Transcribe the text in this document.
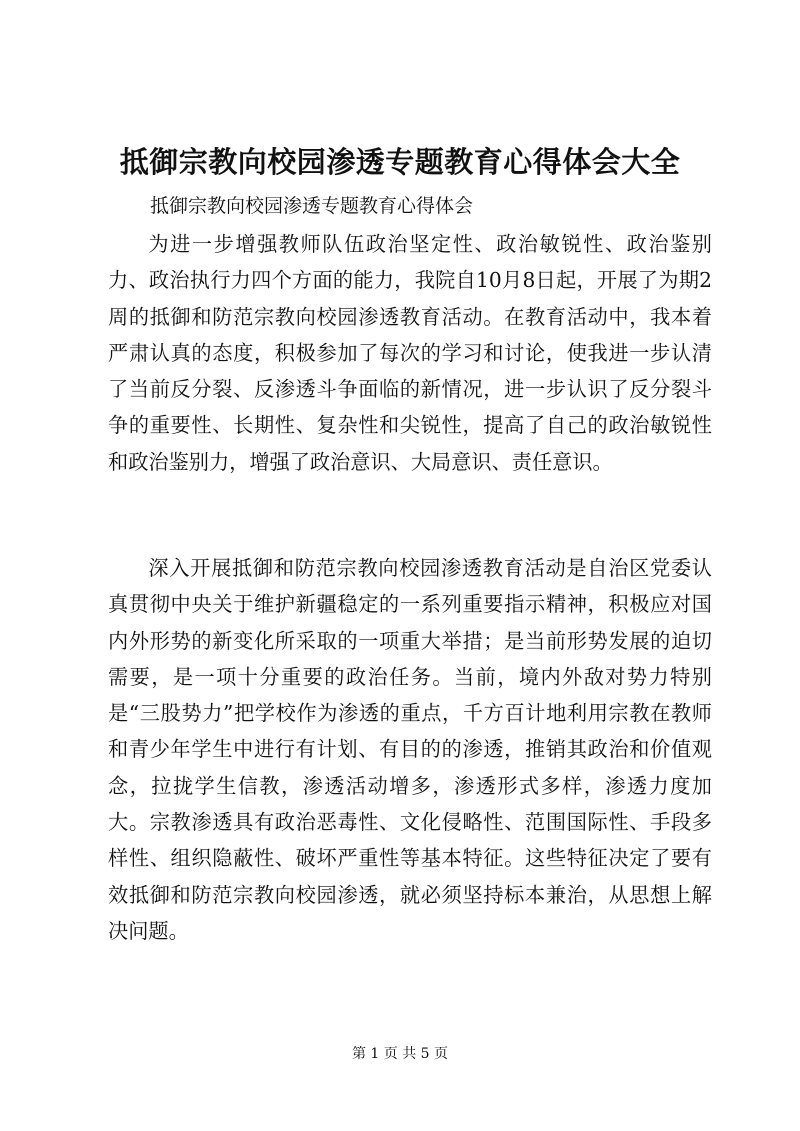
抵御宗教向校园渗透专题教育心得体会大全

抵御宗教向校园渗透专题教育心得体会

为进一步增强教师队伍政治坚定性、政治敏锐性、政治鉴别力、政治执行力四个方面的能力，我院自10月8日起，开展了为期2周的抵御和防范宗教向校园渗透教育活动。在教育活动中，我本着严肃认真的态度，积极参加了每次的学习和讨论，使我进一步认清了当前反分裂、反渗透斗争面临的新情况，进一步认识了反分裂斗争的重要性、长期性、复杂性和尖锐性，提高了自己的政治敏锐性和政治鉴别力，增强了政治意识、大局意识、责任意识。

深入开展抵御和防范宗教向校园渗透教育活动是自治区党委认真贯彻中央关于维护新疆稳定的一系列重要指示精神，积极应对国内外形势的新变化所采取的一项重大举措；是当前形势发展的迫切需要，是一项十分重要的政治任务。当前，境内外敌对势力特别是“三股势力”把学校作为渗透的重点，千方百计地利用宗教在教师和青少年学生中进行有计划、有目的的渗透，推销其政治和价值观念，拉拢学生信教，渗透活动增多，渗透形式多样，渗透力度加大。宗教渗透具有政治恶毒性、文化侵略性、范围国际性、手段多样性、组织隐蔽性、破坏严重性等基本特征。这些特征决定了要有效抵御和防范宗教向校园渗透，就必须坚持标本兼治，从思想上解决问题。

第 1 页 共 5 页
